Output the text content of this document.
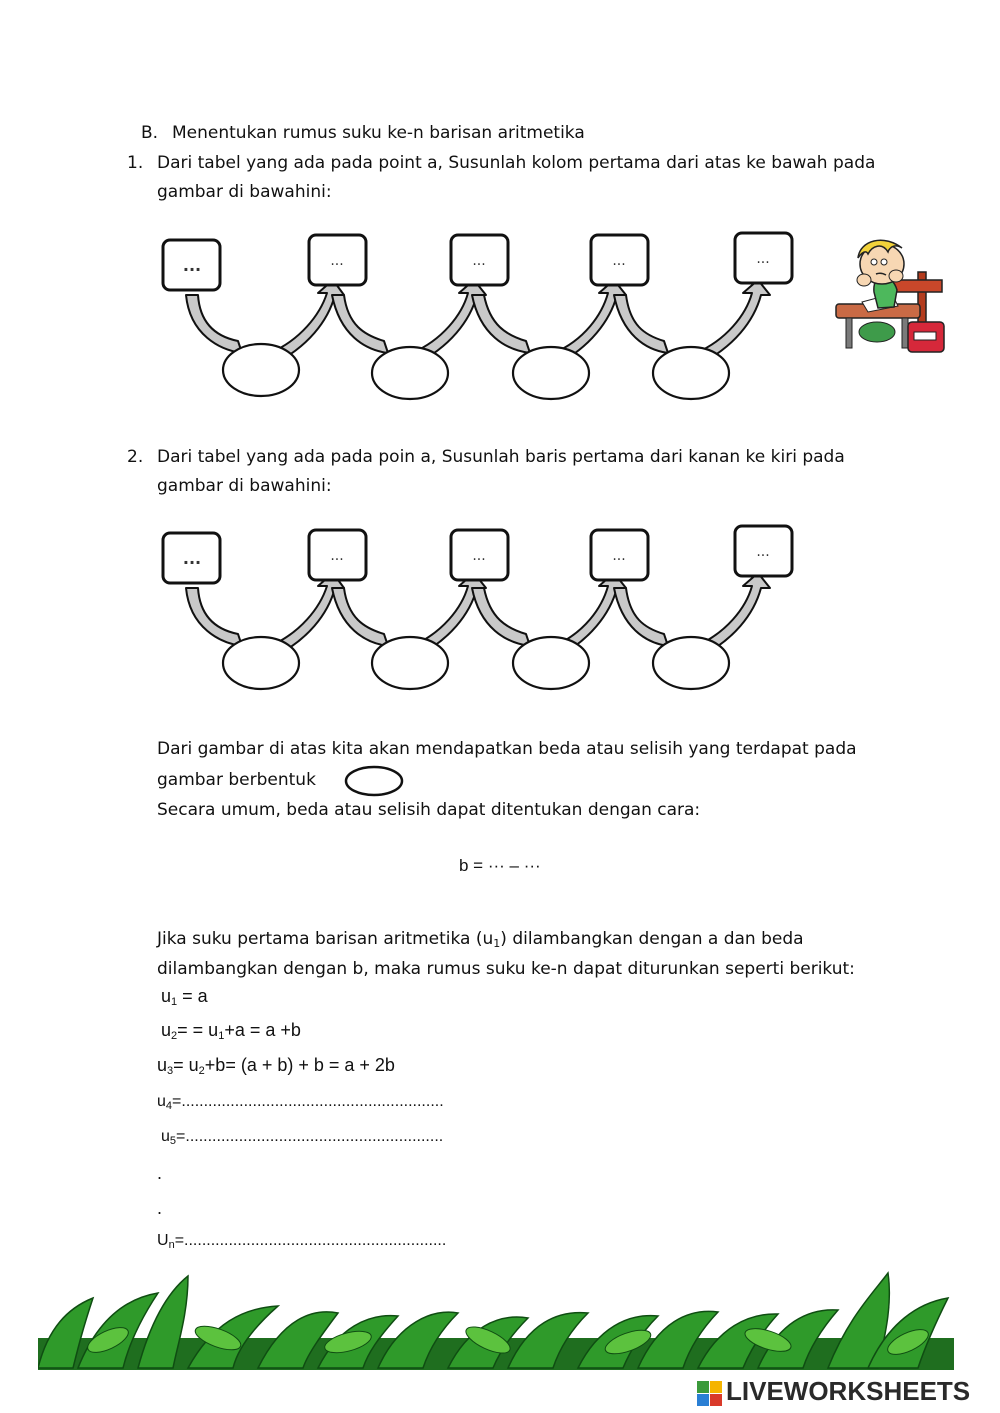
B. Menentukan rumus suku ke-n barisan aritmetika
1. Dari tabel yang ada pada point a, Susunlah kolom pertama dari atas ke bawah pada
gambar di bawahini:
...	...	...	...	...
2. Dari tabel yang ada pada poin a, Susunlah baris pertama dari kanan ke kiri pada
gambar di bawahini:
...	...	...	...	...
Dari gambar di atas kita akan mendapatkan beda atau selisih yang terdapat pada
gambar berbentuk
Secara umum, beda atau selisih dapat ditentukan dengan cara:
b = ··· – ···
Jika suku pertama barisan aritmetika $(u_1)$ dilambangkan dengan a dan beda
dilambangkan dengan b, maka rumus suku ke-n dapat diturunkan seperti berikut:
$u_1 = a$
$u_2= = u_1+a = a +b$
$u_3= u_2+b= (a + b) + b = a + 2b$
$u_4=$...........................................................
$u_5=$..........................................................
.
.
$U_n=$...........................................................
LIVEWORKSHEETS
